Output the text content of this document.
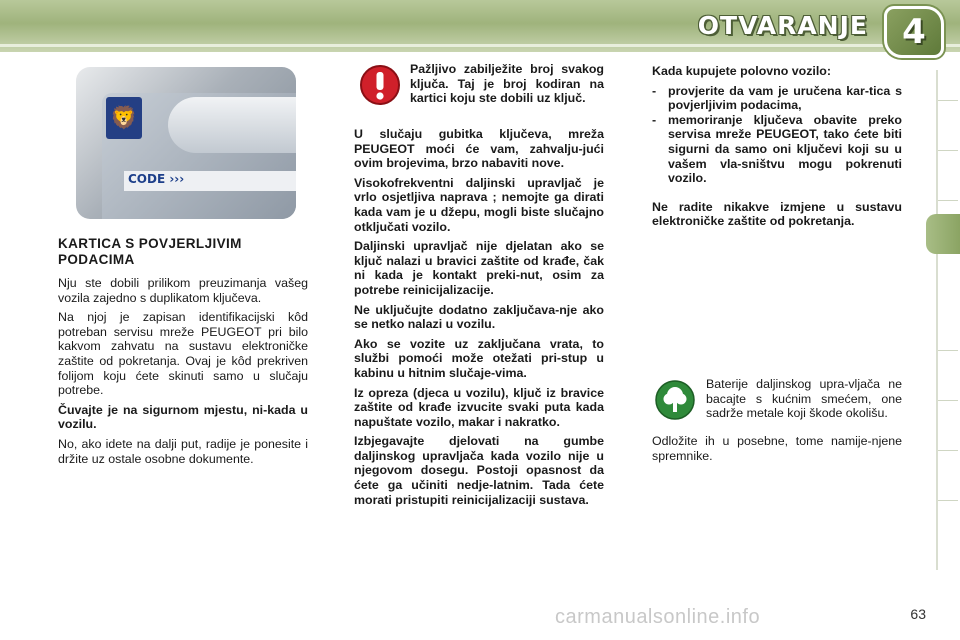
OTVARANJE 4
🦁
CODE ›››
KARTICA S POVJERLJIVIM PODACIMA

Nju ste dobili prilikom preuzimanja vašeg vozila zajedno s duplikatom ključeva.

Na njoj je zapisan identifikacijski kôd potreban servisu mreže PEUGEOT pri bilo kakvom zahvatu na sustavu elektroničke zaštite od pokretanja. Ovaj je kôd prekriven folijom koju ćete skinuti samo u slučaju potrebe.

Čuvajte je na sigurnom mjestu, ni-kada u vozilu.

No, ako idete na dalji put, radije je ponesite i držite uz ostale osobne dokumente.

Pažljivo zabilježite broj svakog ključa. Taj je broj kodiran na kartici koju ste dobili uz ključ.

U slučaju gubitka ključeva, mreža PEUGEOT moći će vam, zahvalju-jući ovim brojevima, brzo nabaviti nove.

Visokofrekventni daljinski upravljač je vrlo osjetljiva naprava ; nemojte ga dirati kada vam je u džepu, mogli biste slučajno otključati vozilo.

Daljinski upravljač nije djelatan ako se ključ nalazi u bravici zaštite od krađe, čak ni kada je kontakt preki-nut, osim za potrebe reinicijalizacije.

Ne uključujte dodatno zaključava-nje ako se netko nalazi u vozilu.

Ako se vozite uz zaključana vrata, to službi pomoći može otežati pri-stup u kabinu u hitnim slučaje-vima.

Iz opreza (djeca u vozilu), ključ iz bravice zaštite od krađe izvucite svaki puta kada napuštate vozilo, makar i nakratko.

Izbjegavajte djelovati na gumbe daljinskog upravljača kada vozilo nije u njegovom dosegu. Postoji opasnost da ćete ga učiniti nedje-latnim. Tada ćete morati pristupiti reinicijalizaciji sustava.

Kada kupujete polovno vozilo:

- provjerite da vam je uručena kar-tica s povjerljivim podacima,
- memoriranje ključeva obavite preko servisa mreže PEUGEOT, tako ćete biti sigurni da samo oni ključevi koji su u vašem vla-sništvu mogu pokrenuti vozilo.

Ne radite nikakve izmjene u sustavu elektroničke zaštite od pokretanja.

Baterije daljinskog upra-vljača ne bacajte s kućnim smećem, one sadrže metale koji škode okolišu.
Odložite ih u posebne, tome namije-njene spremnike.
carmanualsonline.info	63
